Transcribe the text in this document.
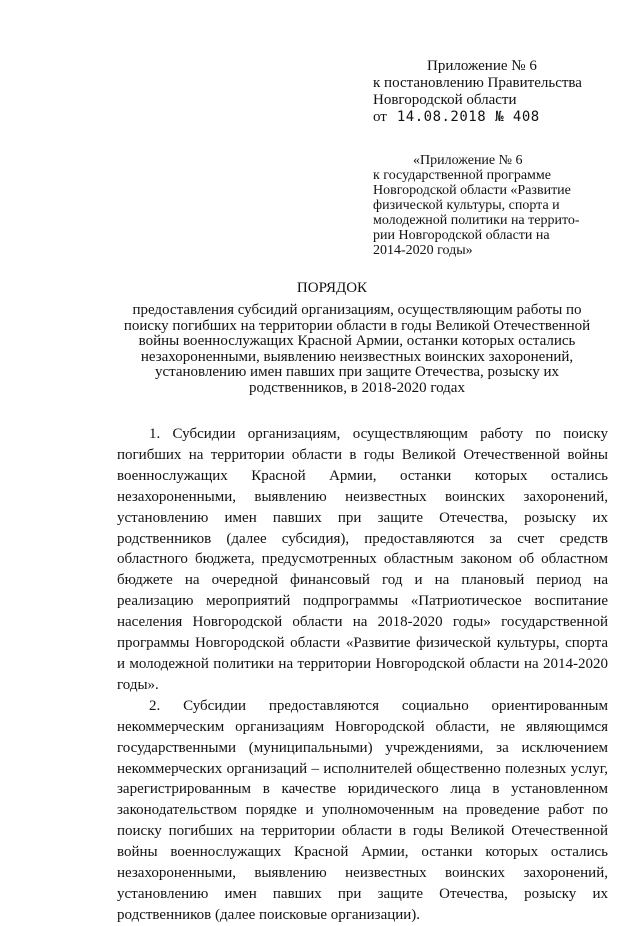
Приложение № 6
к постановлению Правительства
Новгородской области
от 14.08.2018 № 408
«Приложение № 6
к государственной программе
Новгородской области «Развитие
физической культуры, спорта и
молодежной политики на террито-
рии Новгородской области на
2014-2020 годы»
ПОРЯДОК
предоставления субсидий организациям, осуществляющим работы по поиску погибших на территории области в годы Великой Отечественной войны военнослужащих Красной Армии, останки которых остались незахороненными, выявлению неизвестных воинских захоронений, установлению имен павших при защите Отечества, розыску их родственников, в 2018-2020 годах

1. Субсидии организациям, осуществляющим работу по поиску погибших на территории области в годы Великой Отечественной войны военнослужащих Красной Армии, останки которых остались незахороненными, выявлению неизвестных воинских захоронений, установлению имен павших при защите Отечества, розыску их родственников (далее субсидия), предоставляются за счет средств областного бюджета, предусмотренных областным законом об областном бюджете на очередной финансовый год и на плановый период на реализацию мероприятий подпрограммы «Патриотическое воспитание населения Новгородской области на 2018-2020 годы» государственной программы Новгородской области «Развитие физической культуры, спорта и молодежной политики на территории Новгородской области на 2014-2020 годы».

2. Субсидии предоставляются социально ориентированным некоммерческим организациям Новгородской области, не являющимся государственными (муниципальными) учреждениями, за исключением некоммерческих организаций – исполнителей общественно полезных услуг, зарегистрированным в качестве юридического лица в установленном законодательством порядке и уполномоченным на проведение работ по поиску погибших на территории области в годы Великой Отечественной войны военнослужащих Красной Армии, останки которых остались незахороненными, выявлению неизвестных воинских захоронений, установлению имен павших при защите Отечества, розыску их родственников (далее поисковые организации).
